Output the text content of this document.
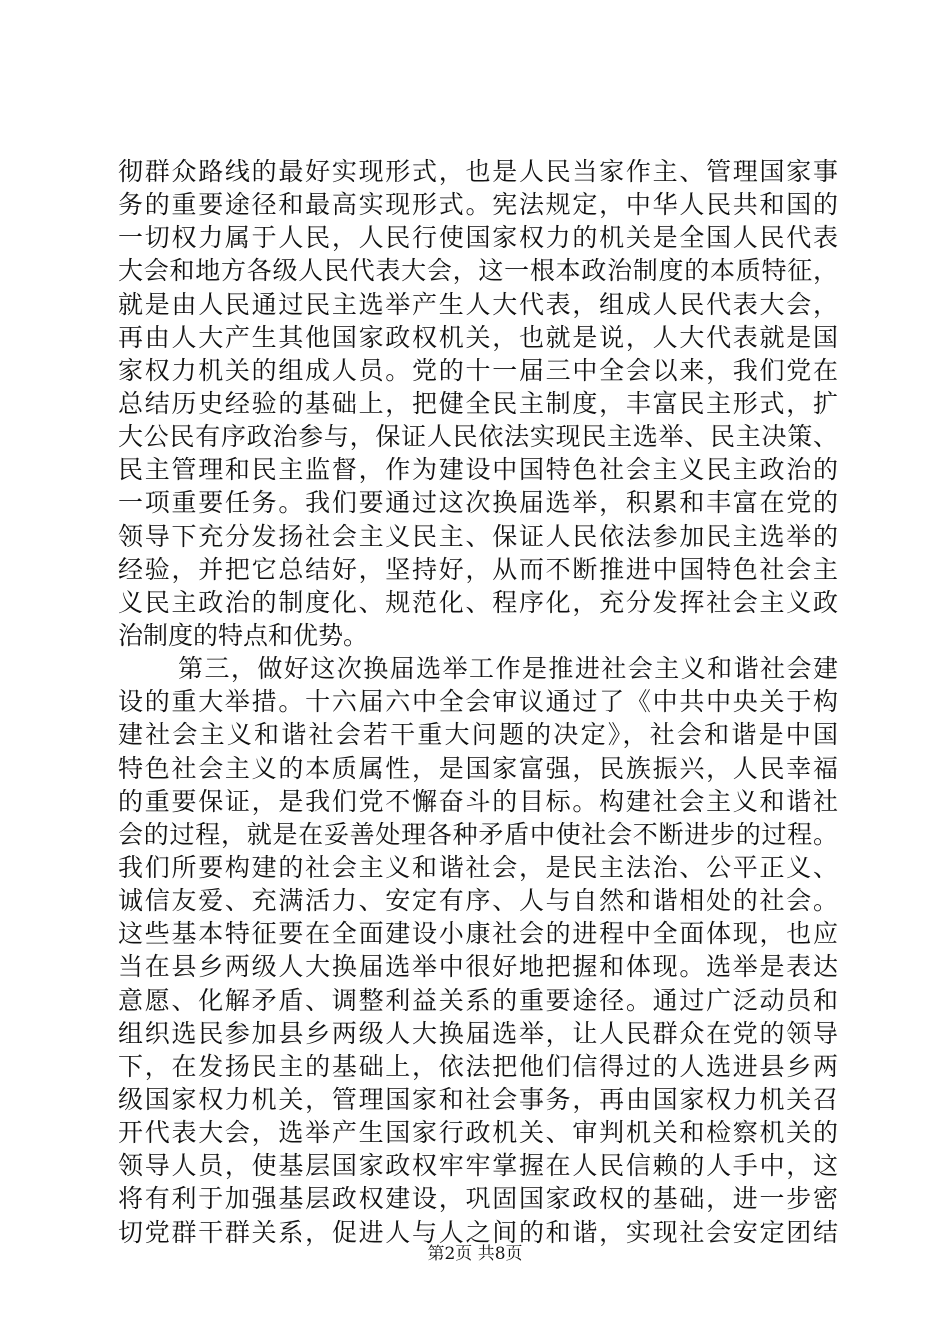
彻群众路线的最好实现形式，也是人民当家作主、管理国家事
务的重要途径和最高实现形式。宪法规定，中华人民共和国的
一切权力属于人民，人民行使国家权力的机关是全国人民代表
大会和地方各级人民代表大会，这一根本政治制度的本质特征，
就是由人民通过民主选举产生人大代表，组成人民代表大会，
再由人大产生其他国家政权机关，也就是说，人大代表就是国
家权力机关的组成人员。党的十一届三中全会以来，我们党在
总结历史经验的基础上，把健全民主制度，丰富民主形式，扩
大公民有序政治参与，保证人民依法实现民主选举、民主决策、
民主管理和民主监督，作为建设中国特色社会主义民主政治的
一项重要任务。我们要通过这次换届选举，积累和丰富在党的
领导下充分发扬社会主义民主、保证人民依法参加民主选举的
经验，并把它总结好，坚持好，从而不断推进中国特色社会主
义民主政治的制度化、规范化、程序化，充分发挥社会主义政
治制度的特点和优势。
第三，做好这次换届选举工作是推进社会主义和谐社会建
设的重大举措。十六届六中全会审议通过了《中共中央关于构
建社会主义和谐社会若干重大问题的决定》，社会和谐是中国
特色社会主义的本质属性，是国家富强，民族振兴，人民幸福
的重要保证，是我们党不懈奋斗的目标。构建社会主义和谐社
会的过程，就是在妥善处理各种矛盾中使社会不断进步的过程。
我们所要构建的社会主义和谐社会，是民主法治、公平正义、
诚信友爱、充满活力、安定有序、人与自然和谐相处的社会。
这些基本特征要在全面建设小康社会的进程中全面体现，也应
当在县乡两级人大换届选举中很好地把握和体现。选举是表达
意愿、化解矛盾、调整利益关系的重要途径。通过广泛动员和
组织选民参加县乡两级人大换届选举，让人民群众在党的领导
下，在发扬民主的基础上，依法把他们信得过的人选进县乡两
级国家权力机关，管理国家和社会事务，再由国家权力机关召
开代表大会，选举产生国家行政机关、审判机关和检察机关的
领导人员，使基层国家政权牢牢掌握在人民信赖的人手中，这
将有利于加强基层政权建设，巩固国家政权的基础，进一步密
切党群干群关系，促进人与人之间的和谐，实现社会安定团结
第2页 共8页
